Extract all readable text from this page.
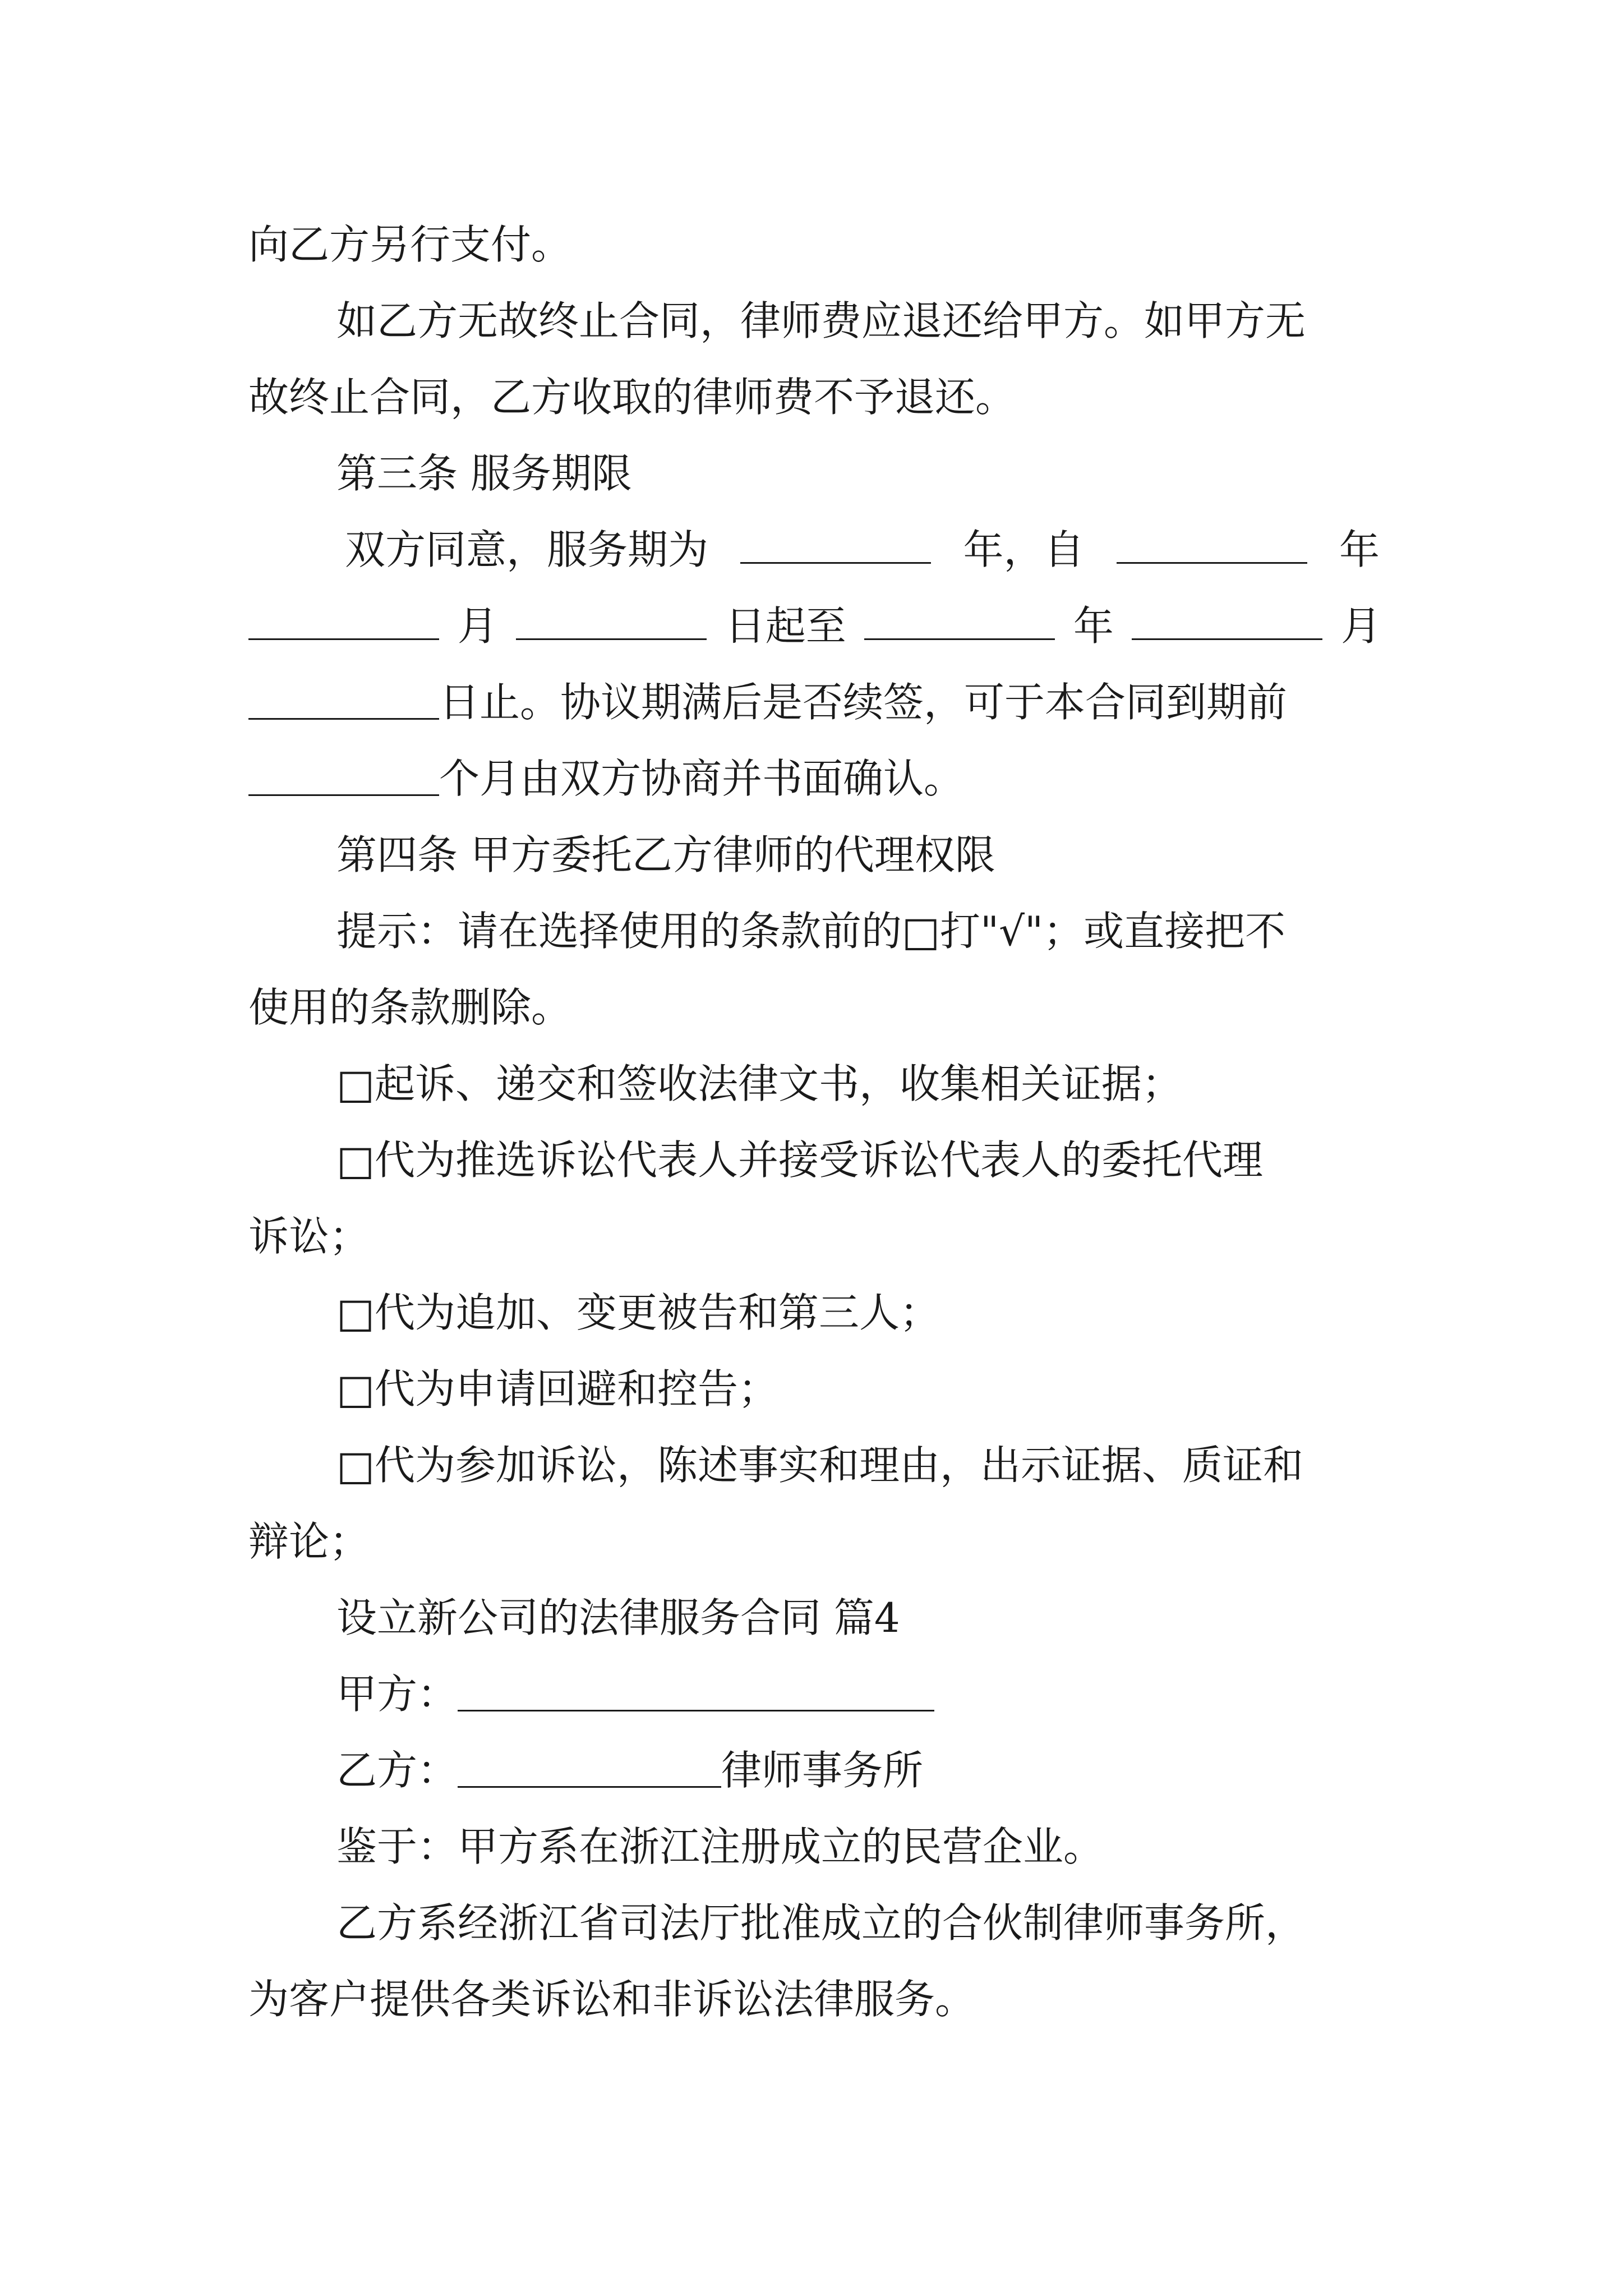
向乙方另行支付。
如乙方无故终止合同，律师费应退还给甲方。如甲方无
故终止合同，乙方收取的律师费不予退还。
第三条 服务期限
双方同意，服务期为	年，自	年
月	日起至	年	月
日止。协议期满后是否续签，可于本合同到期前
个月由双方协商并书面确认。
第四条 甲方委托乙方律师的代理权限
提示：请在选择使用的条款前的□打"√"；或直接把不
使用的条款删除。
□起诉、递交和签收法律文书，收集相关证据；
□代为推选诉讼代表人并接受诉讼代表人的委托代理
诉讼；
□代为追加、变更被告和第三人；
□代为申请回避和控告；
□代为参加诉讼，陈述事实和理由，出示证据、质证和
辩论；
设立新公司的法律服务合同 篇4
甲方：
乙方：	律师事务所
鉴于：甲方系在浙江注册成立的民营企业。
乙方系经浙江省司法厅批准成立的合伙制律师事务所，
为客户提供各类诉讼和非诉讼法律服务。
